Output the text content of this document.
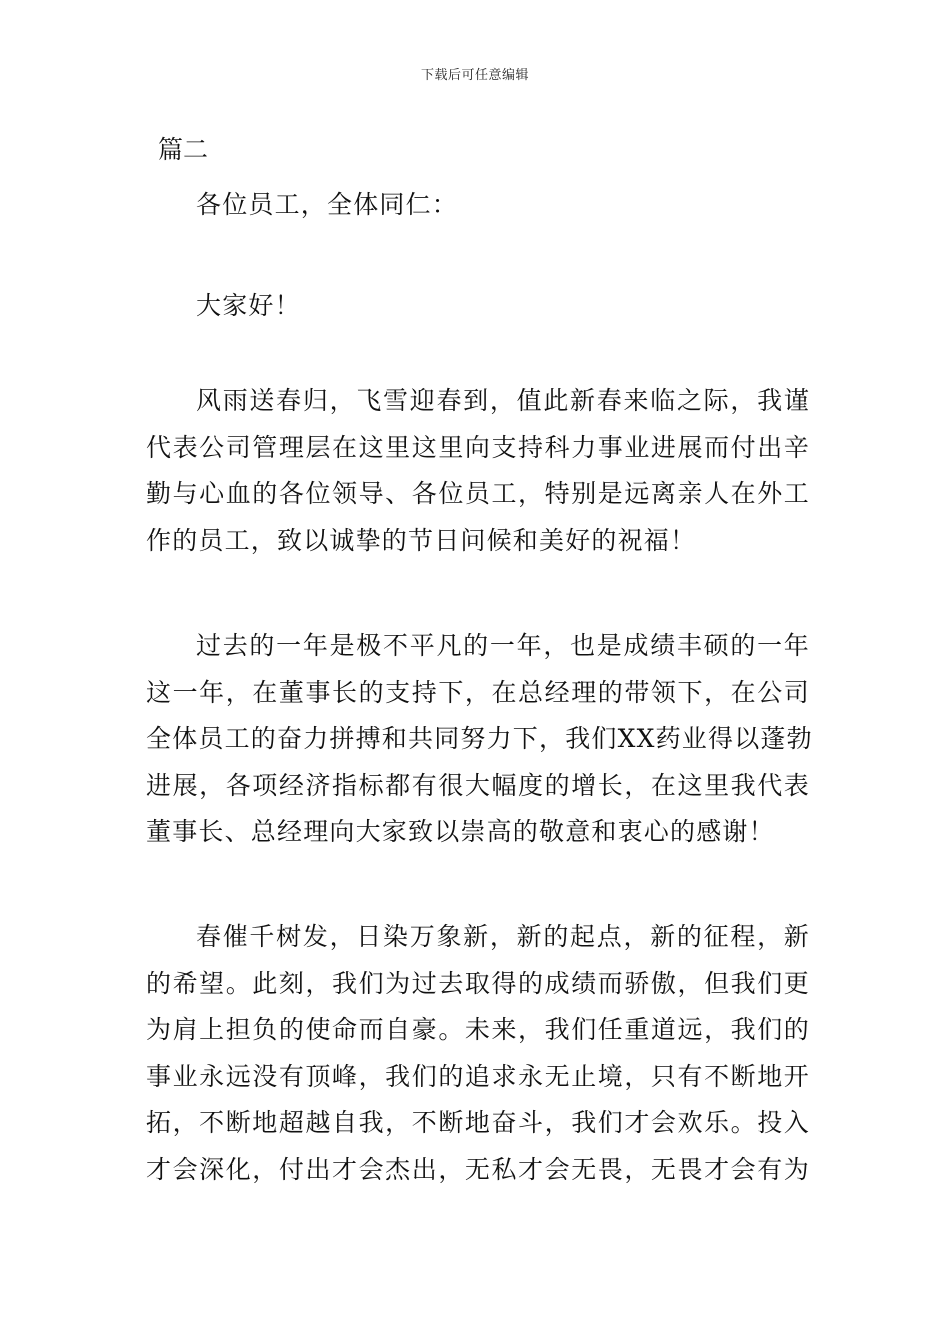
下载后可任意编辑
篇二
各位员工，全体同仁：
大家好！
风雨送春归，飞雪迎春到，值此新春来临之际，我谨
代表公司管理层在这里这里向支持科力事业进展而付出辛
勤与心血的各位领导、各位员工，特别是远离亲人在外工
作的员工，致以诚挚的节日问候和美好的祝福！
过去的一年是极不平凡的一年，也是成绩丰硕的一年
这一年，在董事长的支持下，在总经理的带领下，在公司
全体员工的奋力拼搏和共同努力下，我们XX药业得以蓬勃
进展，各项经济指标都有很大幅度的增长，在这里我代表
董事长、总经理向大家致以崇高的敬意和衷心的感谢！
春催千树发，日染万象新，新的起点，新的征程，新
的希望。此刻，我们为过去取得的成绩而骄傲，但我们更
为肩上担负的使命而自豪。未来，我们任重道远，我们的
事业永远没有顶峰，我们的追求永无止境，只有不断地开
拓，不断地超越自我，不断地奋斗，我们才会欢乐。投入
才会深化，付出才会杰出，无私才会无畏，无畏才会有为
